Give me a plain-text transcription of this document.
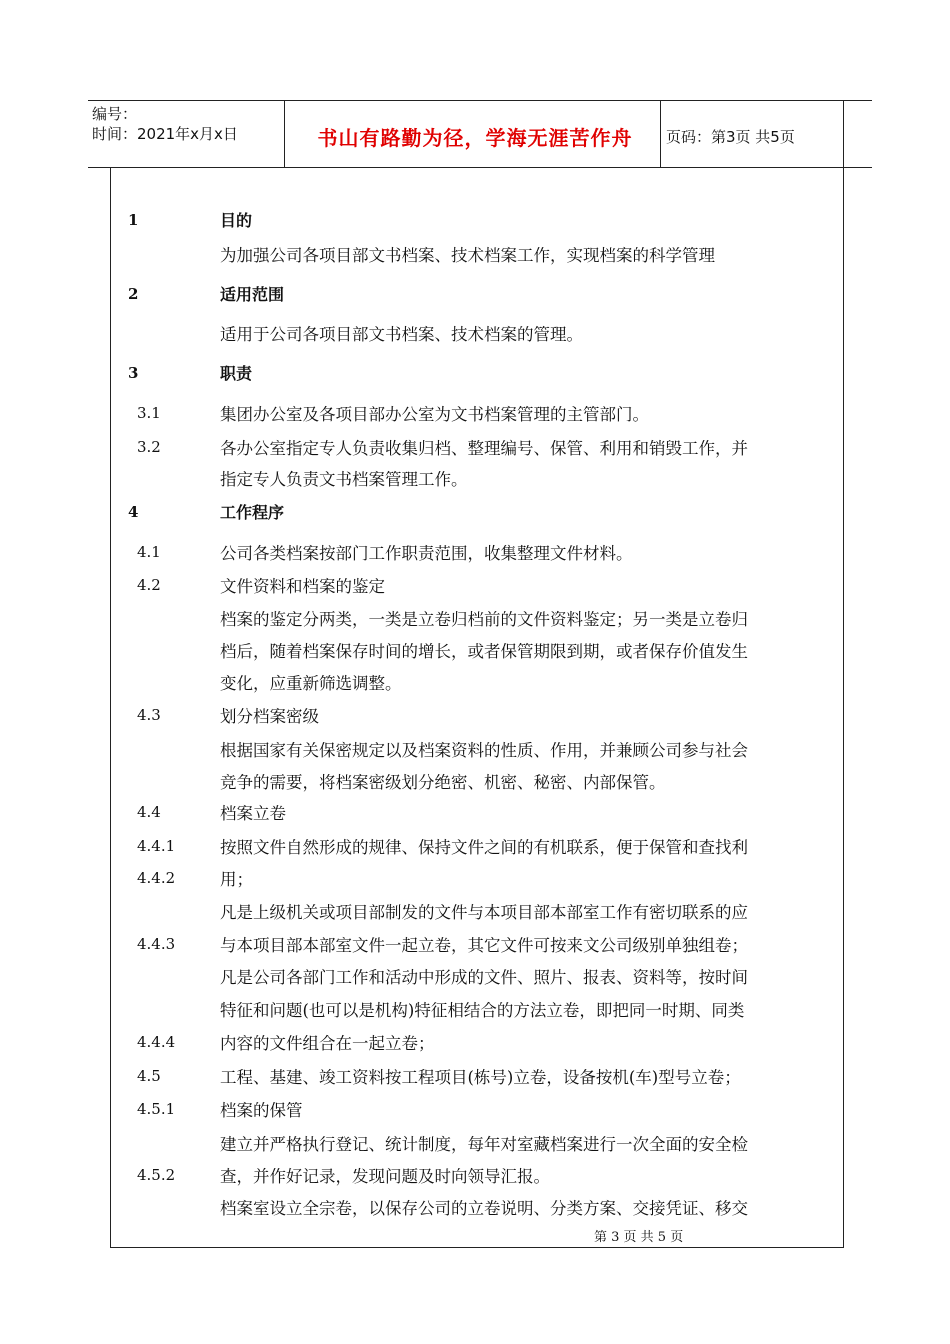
编号：
时间：2021年x月x日	书山有路勤为径，学海无涯苦作舟	页码：第3页 共5页
1	目的
为加强公司各项目部文书档案、技术档案工作，实现档案的科学管理
2	适用范围
适用于公司各项目部文书档案、技术档案的管理。
3	职责
3.1	集团办公室及各项目部办公室为文书档案管理的主管部门。
3.2	各办公室指定专人负责收集归档、整理编号、保管、利用和销毁工作，并
指定专人负责文书档案管理工作。
4	工作程序
4.1	公司各类档案按部门工作职责范围，收集整理文件材料。
4.2	文件资料和档案的鉴定
档案的鉴定分两类，一类是立卷归档前的文件资料鉴定；另一类是立卷归
档后，随着档案保存时间的增长，或者保管期限到期，或者保存价值发生
变化，应重新筛选调整。
4.3	划分档案密级
根据国家有关保密规定以及档案资料的性质、作用，并兼顾公司参与社会
竞争的需要，将档案密级划分绝密、机密、秘密、内部保管。
4.4	档案立卷
4.4.1	按照文件自然形成的规律、保持文件之间的有机联系，便于保管和查找利
4.4.2	用；
凡是上级机关或项目部制发的文件与本项目部本部室工作有密切联系的应
4.4.3	与本项目部本部室文件一起立卷，其它文件可按来文公司级别单独组卷；
凡是公司各部门工作和活动中形成的文件、照片、报表、资料等，按时间
特征和问题(也可以是机构)特征相结合的方法立卷，即把同一时期、同类
4.4.4	内容的文件组合在一起立卷；
4.5	工程、基建、竣工资料按工程项目(栋号)立卷，设备按机(车)型号立卷；
4.5.1	档案的保管
建立并严格执行登记、统计制度，每年对室藏档案进行一次全面的安全检
4.5.2	查，并作好记录，发现问题及时向领导汇报。
档案室设立全宗卷，以保存公司的立卷说明、分类方案、交接凭证、移交
第 3 页 共 5 页
